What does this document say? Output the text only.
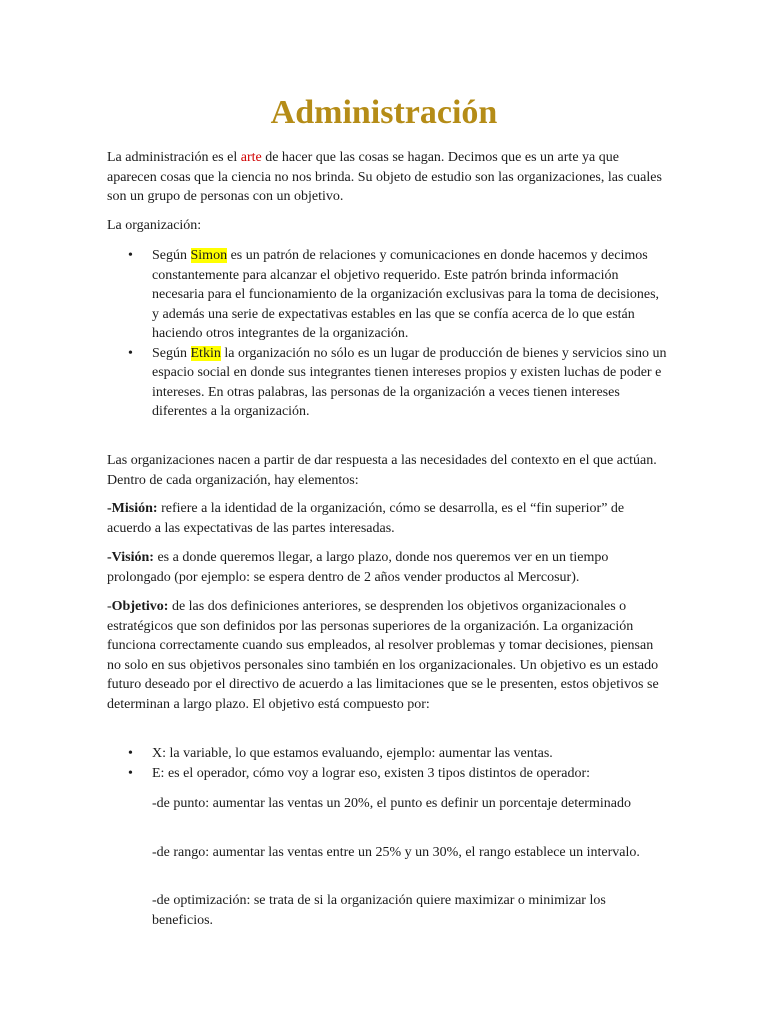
Administración

La administración es el arte de hacer que las cosas se hagan. Decimos que es un arte ya que aparecen cosas que la ciencia no nos brinda. Su objeto de estudio son las organizaciones, las cuales son un grupo de personas con un objetivo.

La organización:

• Según Simon es un patrón de relaciones y comunicaciones en donde hacemos y decimos constantemente para alcanzar el objetivo requerido. Este patrón brinda información necesaria para el funcionamiento de la organización exclusivas para la toma de decisiones, y además una serie de expectativas estables en las que se confía acerca de lo que están haciendo otros integrantes de la organización.
• Según Etkin la organización no sólo es un lugar de producción de bienes y servicios sino un espacio social en donde sus integrantes tienen intereses propios y existen luchas de poder e intereses. En otras palabras, las personas de la organización a veces tienen intereses diferentes a la organización.

Las organizaciones nacen a partir de dar respuesta a las necesidades del contexto en el que actúan. Dentro de cada organización, hay elementos:

-Misión: refiere a la identidad de la organización, cómo se desarrolla, es el “fin superior” de acuerdo a las expectativas de las partes interesadas.

-Visión: es a donde queremos llegar, a largo plazo, donde nos queremos ver en un tiempo prolongado (por ejemplo: se espera dentro de 2 años vender productos al Mercosur).

-Objetivo: de las dos definiciones anteriores, se desprenden los objetivos organizacionales o estratégicos que son definidos por las personas superiores de la organización. La organización funciona correctamente cuando sus empleados, al resolver problemas y tomar decisiones, piensan no solo en sus objetivos personales sino también en los organizacionales. Un objetivo es un estado futuro deseado por el directivo de acuerdo a las limitaciones que se le presenten, estos objetivos se determinan a largo plazo. El objetivo está compuesto por:

• X: la variable, lo que estamos evaluando, ejemplo: aumentar las ventas.
• E: es el operador, cómo voy a lograr eso, existen 3 tipos distintos de operador:

-de punto: aumentar las ventas un 20%, el punto es definir un porcentaje determinado

-de rango: aumentar las ventas entre un 25% y un 30%, el rango establece un intervalo.

-de optimización: se trata de si la organización quiere maximizar o minimizar los beneficios.
